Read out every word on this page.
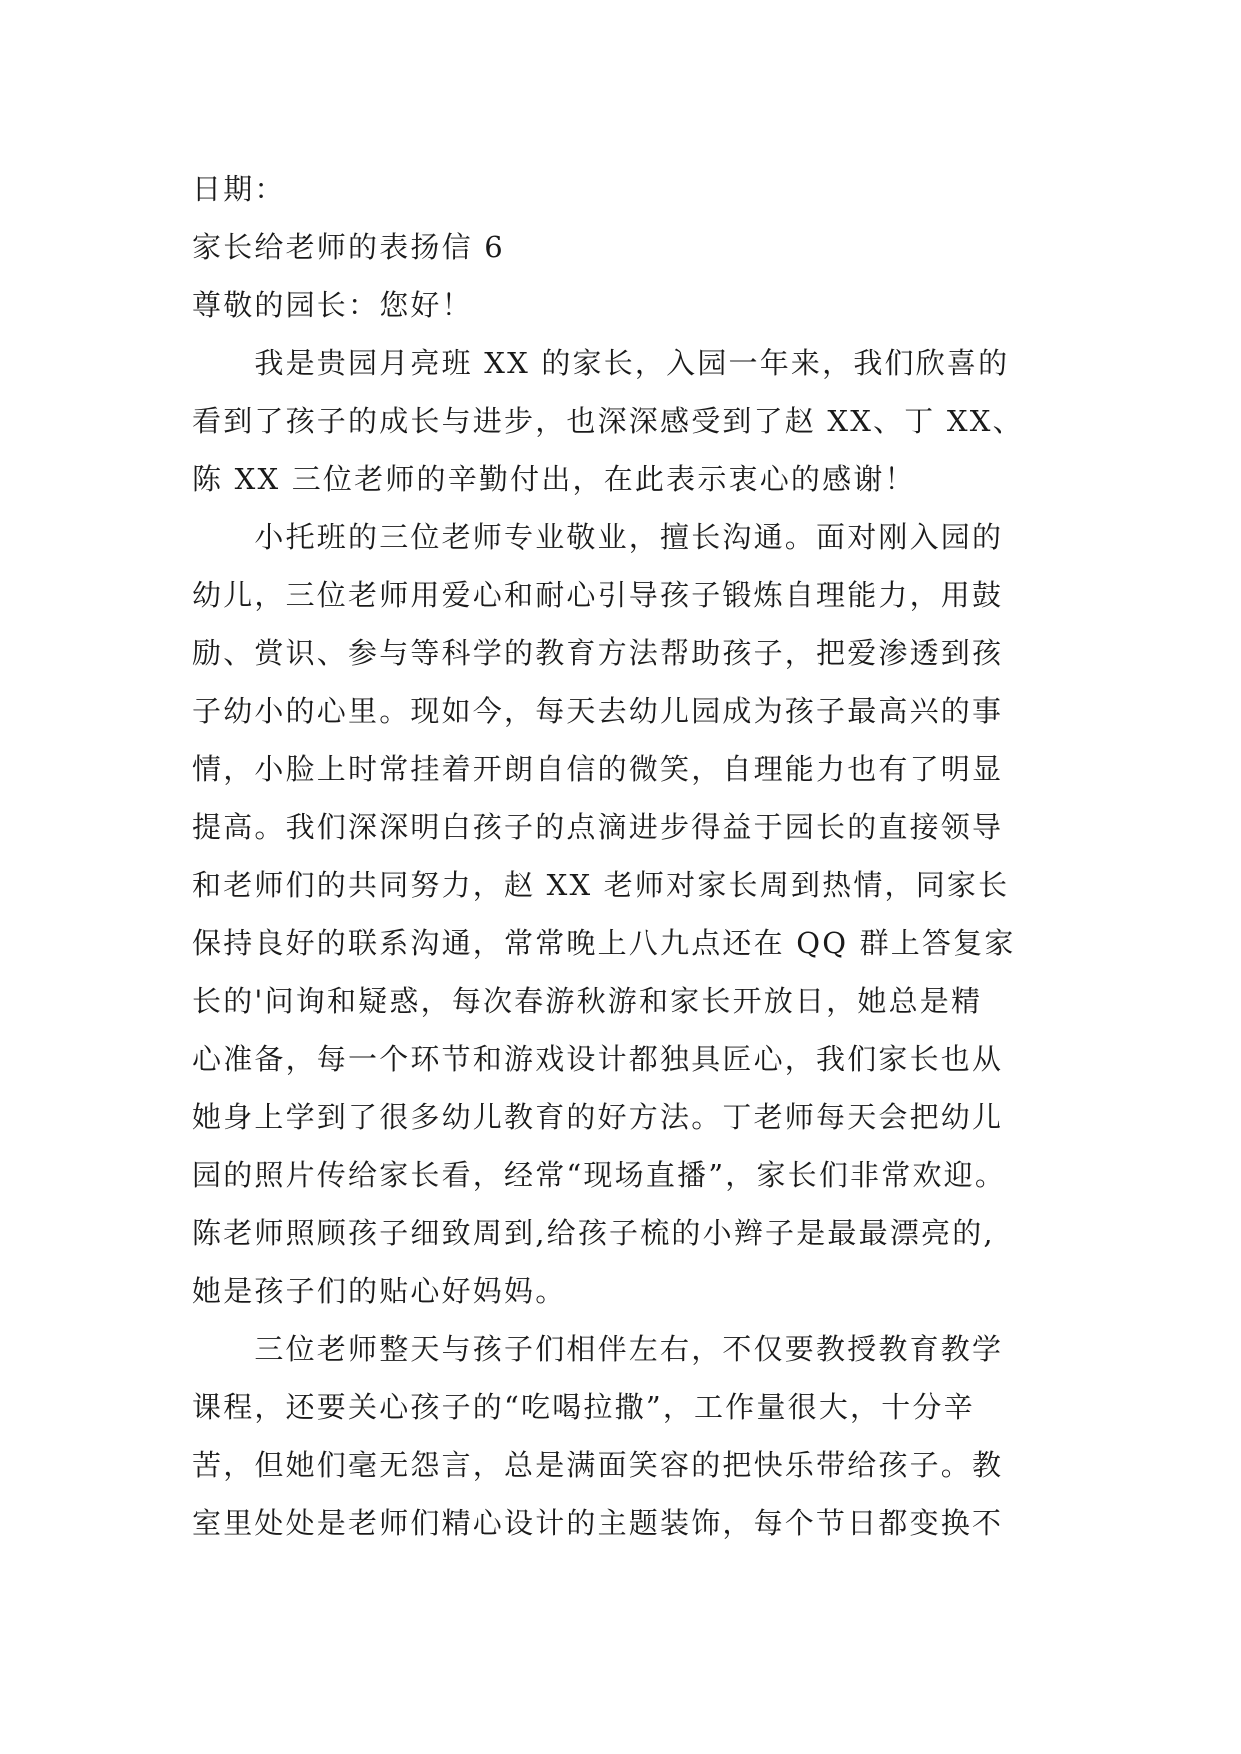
日期：

家长给老师的表扬信 6

尊敬的园长：您好！

　　我是贵园月亮班 XX 的家长，入园一年来，我们欣喜的

看到了孩子的成长与进步，也深深感受到了赵 XX、丁 XX、

陈 XX 三位老师的辛勤付出，在此表示衷心的感谢！

　　小托班的三位老师专业敬业，擅长沟通。面对刚入园的

幼儿，三位老师用爱心和耐心引导孩子锻炼自理能力，用鼓

励、赏识、参与等科学的教育方法帮助孩子，把爱渗透到孩

子幼小的心里。现如今，每天去幼儿园成为孩子最高兴的事

情，小脸上时常挂着开朗自信的微笑，自理能力也有了明显

提高。我们深深明白孩子的点滴进步得益于园长的直接领导

和老师们的共同努力，赵 XX 老师对家长周到热情，同家长

保持良好的联系沟通，常常晚上八九点还在 QQ 群上答复家

长的'问询和疑惑，每次春游秋游和家长开放日，她总是精

心准备，每一个环节和游戏设计都独具匠心，我们家长也从

她身上学到了很多幼儿教育的好方法。丁老师每天会把幼儿

园的照片传给家长看，经常“现场直播”，家长们非常欢迎。

陈老师照顾孩子细致周到,给孩子梳的小辫子是最最漂亮的,

她是孩子们的贴心好妈妈。

　　三位老师整天与孩子们相伴左右，不仅要教授教育教学

课程，还要关心孩子的“吃喝拉撒”，工作量很大，十分辛

苦，但她们毫无怨言，总是满面笑容的把快乐带给孩子。教

室里处处是老师们精心设计的主题装饰，每个节日都变换不
